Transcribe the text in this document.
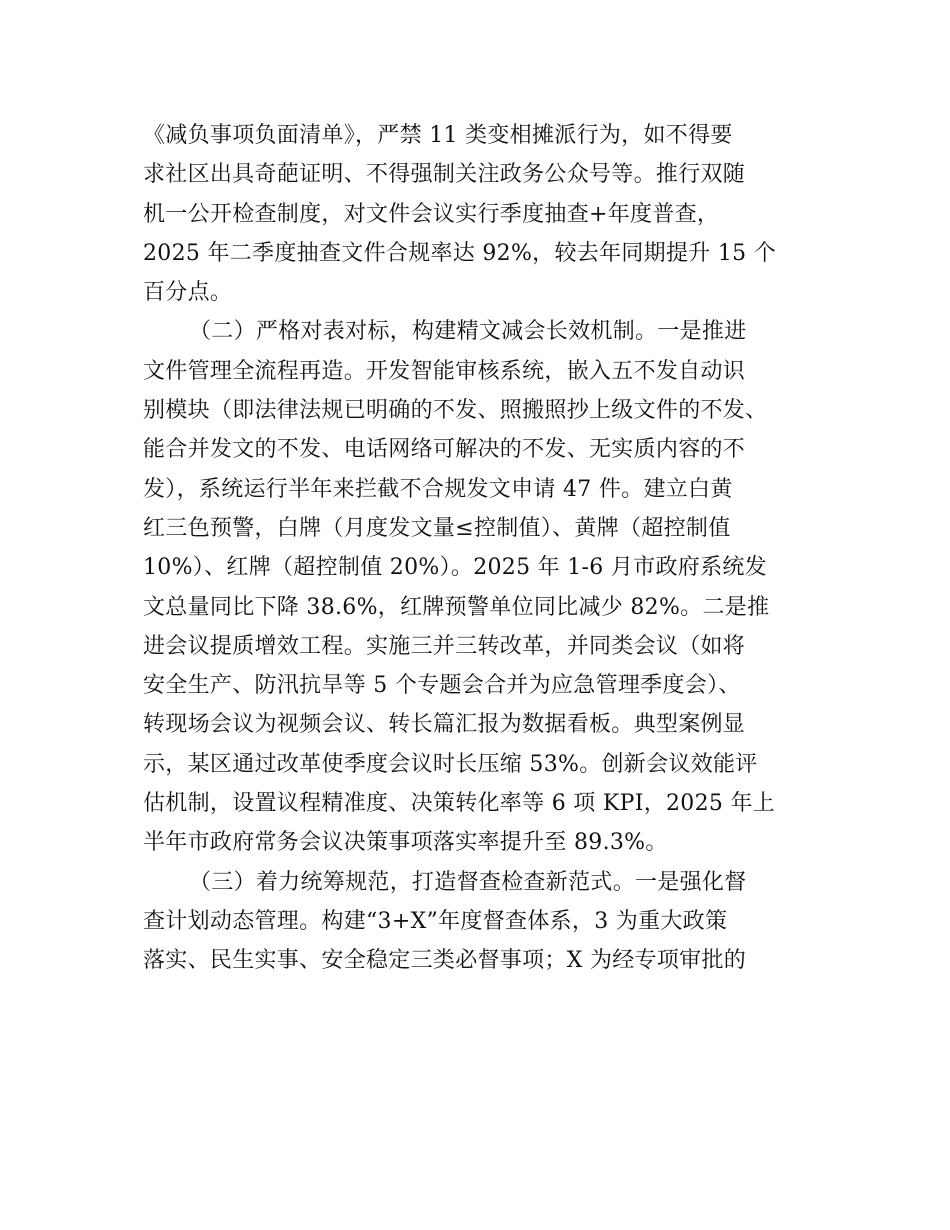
《减负事项负面清单》，严禁 11 类变相摊派行为，如不得要
求社区出具奇葩证明、不得强制关注政务公众号等。推行双随
机一公开检查制度，对文件会议实行季度抽查+年度普查，
2025 年二季度抽查文件合规率达 92%，较去年同期提升 15 个
百分点。
（二）严格对表对标，构建精文减会长效机制。一是推进
文件管理全流程再造。开发智能审核系统，嵌入五不发自动识
别模块（即法律法规已明确的不发、照搬照抄上级文件的不发、
能合并发文的不发、电话网络可解决的不发、无实质内容的不
发），系统运行半年来拦截不合规发文申请 47 件。建立白黄
红三色预警，白牌（月度发文量≤控制值）、黄牌（超控制值
10%）、红牌（超控制值 20%）。2025 年 1-6 月市政府系统发
文总量同比下降 38.6%，红牌预警单位同比减少 82%。二是推
进会议提质增效工程。实施三并三转改革，并同类会议（如将
安全生产、防汛抗旱等 5 个专题会合并为应急管理季度会）、
转现场会议为视频会议、转长篇汇报为数据看板。典型案例显
示，某区通过改革使季度会议时长压缩 53%。创新会议效能评
估机制，设置议程精准度、决策转化率等 6 项 KPI，2025 年上
半年市政府常务会议决策事项落实率提升至 89.3%。
（三）着力统筹规范，打造督查检查新范式。一是强化督
查计划动态管理。构建“3+X”年度督查体系，3 为重大政策
落实、民生实事、安全稳定三类必督事项；X 为经专项审批的
